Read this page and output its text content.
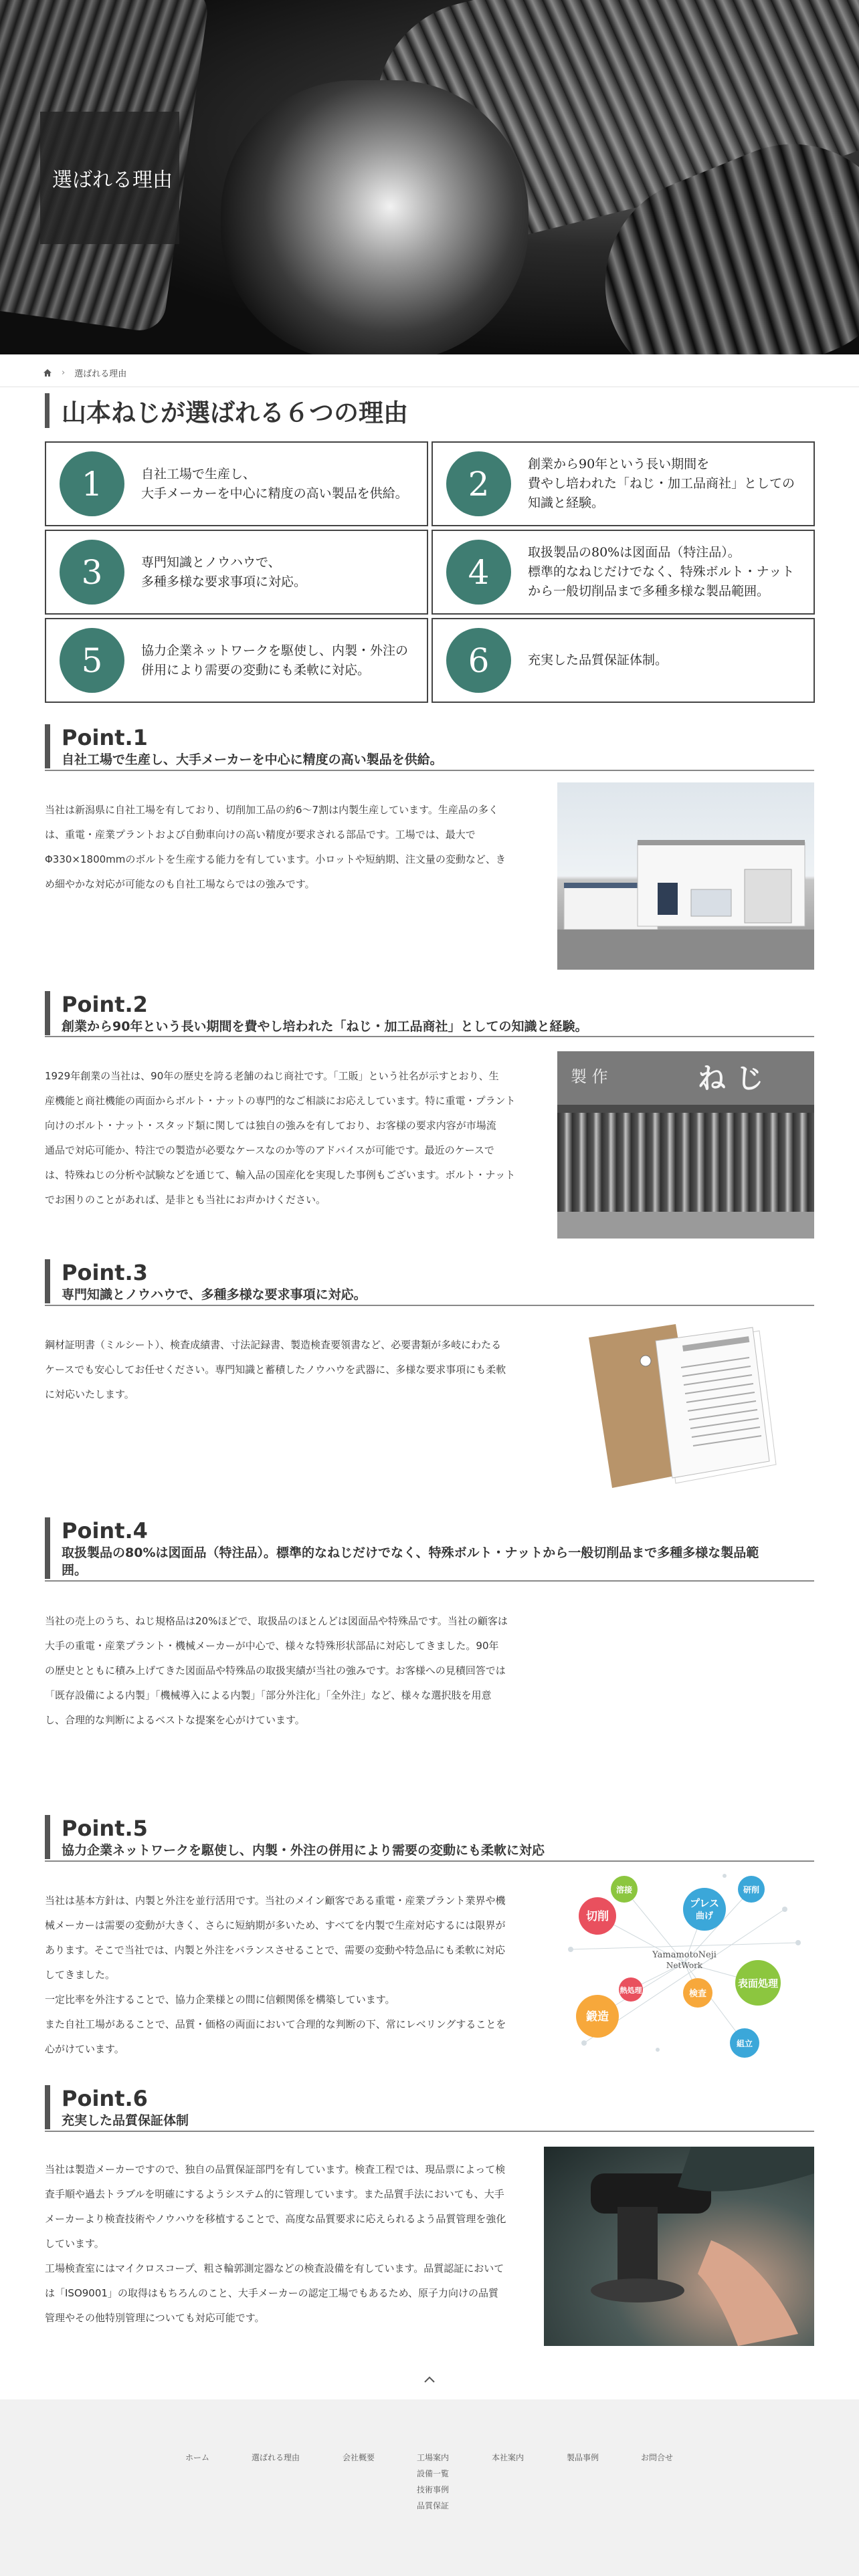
選ばれる理由
› 選ばれる理由
山本ねじが選ばれる６つの理由
1	自社工場で生産し、
大手メーカーを中心に精度の高い製品を供給。	2
創業から90年という長い期間を
費やし培われた「ねじ・加工品商社」としての
知識と経験。
3	専門知識とノウハウで、
多種多様な要求事項に対応。	4
取扱製品の80%は図面品（特注品）。
標準的なねじだけでなく、特殊ボルト・ナット
から一般切削品まで多種多様な製品範囲。
5	協力企業ネットワークを駆使し、内製・外注の
併用により需要の変動にも柔軟に対応。	6	充実した品質保証体制。
Point.1
自社工場で生産し、大手メーカーを中心に精度の高い製品を供給。
当社は新潟県に自社工場を有しており、切削加工品の約6～7割は内製生産しています。生産品の多く
は、重電・産業プラントおよび自動車向けの高い精度が要求される部品です。工場では、最大で
Φ330×1800mmのボルトを生産する能力を有しています。小ロットや短納期、注文量の変動など、き
め細やかな対応が可能なのも自社工場ならではの強みです。
Point.2
創業から90年という長い期間を費やし培われた「ねじ・加工品商社」としての知識と経験。
1929年創業の当社は、90年の歴史を誇る老舗のねじ商社です。「工販」という社名が示すとおり、生
産機能と商社機能の両面からボルト・ナットの専門的なご相談にお応えしています。特に重電・プラント
向けのボルト・ナット・スタッド類に関しては独自の強みを有しており、お客様の要求内容が市場流
通品で対応可能か、特注での製造が必要なケースなのか等のアドバイスが可能です。最近のケースで
は、特殊ねじの分析や試験などを通じて、輸入品の国産化を実現した事例もございます。ボルト・ナット
でお困りのことがあれば、是非とも当社にお声かけください。
製 作	ね じ
Point.3
専門知識とノウハウで、多種多様な要求事項に対応。
鋼材証明書（ミルシート）、検査成績書、寸法記録書、製造検査要領書など、必要書類が多岐にわたる
ケースでも安心してお任せください。専門知識と蓄積したノウハウを武器に、多様な要求事項にも柔軟
に対応いたします。
Point.4
取扱製品の80%は図面品（特注品）。標準的なねじだけでなく、特殊ボルト・ナットから一般切削品まで多種多様な製品範
囲。
当社の売上のうち、ねじ規格品は20%ほどで、取扱品のほとんどは図面品や特殊品です。当社の顧客は
大手の重電・産業プラント・機械メーカーが中心で、様々な特殊形状部品に対応してきました。90年
の歴史とともに積み上げてきた図面品や特殊品の取扱実績が当社の強みです。お客様への見積回答では
「既存設備による内製」「機械導入による内製」「部分外注化」「全外注」など、様々な選択肢を用意
し、合理的な判断によるベストな提案を心がけています。
Point.5
協力企業ネットワークを駆使し、内製・外注の併用により需要の変動にも柔軟に対応
当社は基本方針は、内製と外注を並行活用です。当社のメイン顧客である重電・産業プラント業界や機
械メーカーは需要の変動が大きく、さらに短納期が多いため、すべてを内製で生産対応するには限界が
あります。そこで当社では、内製と外注をバランスさせることで、需要の変動や特急品にも柔軟に対応
してきました。
一定比率を外注することで、協力企業様との間に信頼関係を構築しています。
また自社工場があることで、品質・価格の両面において合理的な判断の下、常にレベリングすることを
心がけています。
切削
プレス
曲げ
研削
溶接
熱処理
表面処理
検査
鍛造
組立
YamamotoNeji
NetWork
Point.6
充実した品質保証体制
当社は製造メーカーですので、独自の品質保証部門を有しています。検査工程では、現品票によって検
査手順や過去トラブルを明確にするようシステム的に管理しています。また品質手法においても、大手
メーカーより検査技術やノウハウを移植することで、高度な品質要求に応えられるよう品質管理を強化
しています。
工場検査室にはマイクロスコープ、粗さ輪郭測定器などの検査設備を有しています。品質認証において
は「ISO9001」の取得はもちろんのこと、大手メーカーの認定工場でもあるため、原子力向けの品質
管理やその他特別管理についても対応可能です。
ホーム	選ばれる理由	会社概要	工場案内	本社案内	製品事例	お問合せ
設備一覧
技術事例
品質保証
